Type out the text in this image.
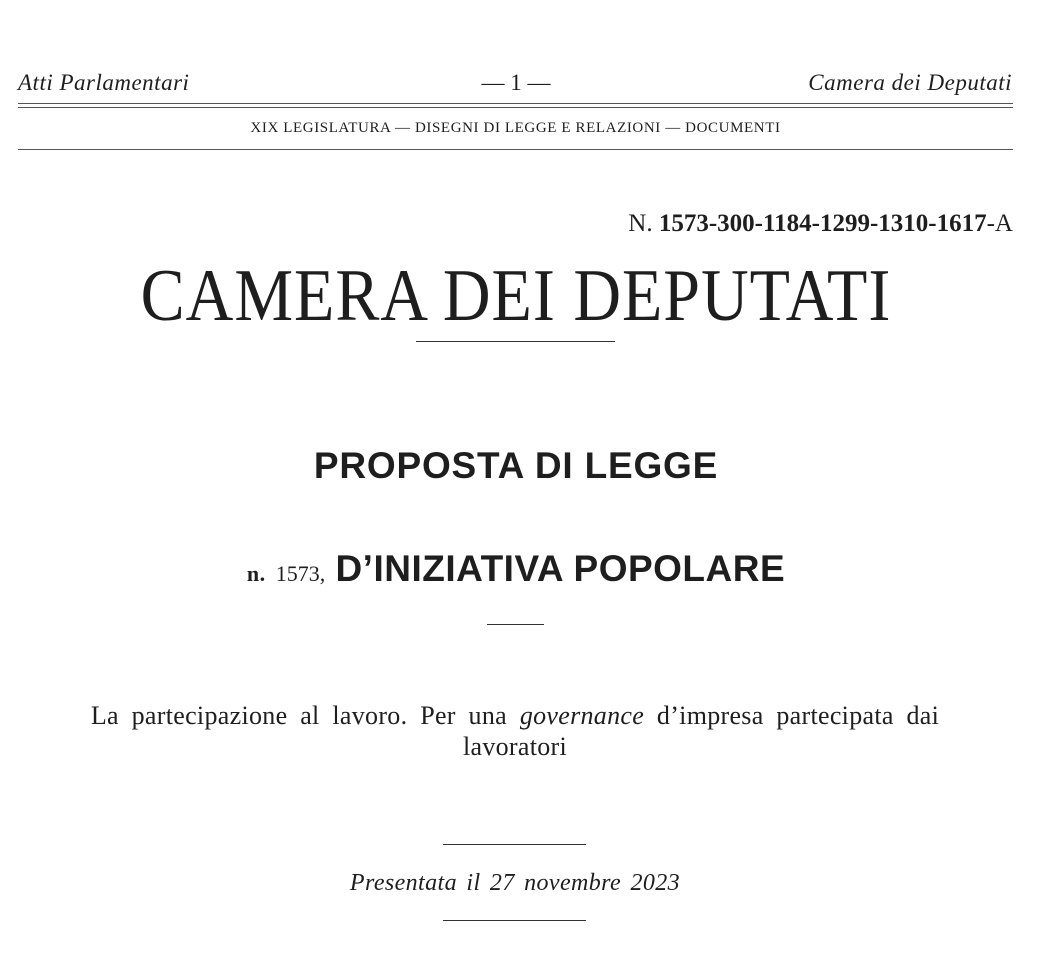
Atti Parlamentari	— 1 —	Camera dei Deputati
XIX LEGISLATURA — DISEGNI DI LEGGE E RELAZIONI — DOCUMENTI
N. 1573-300-1184-1299-1310-1617-A
CAMERA DEI DEPUTATI
PROPOSTA DI LEGGE
n. 1573, D’INIZIATIVA POPOLARE
La partecipazione al lavoro. Per una governance d’impresa partecipata dai lavoratori
Presentata il 27 novembre 2023
